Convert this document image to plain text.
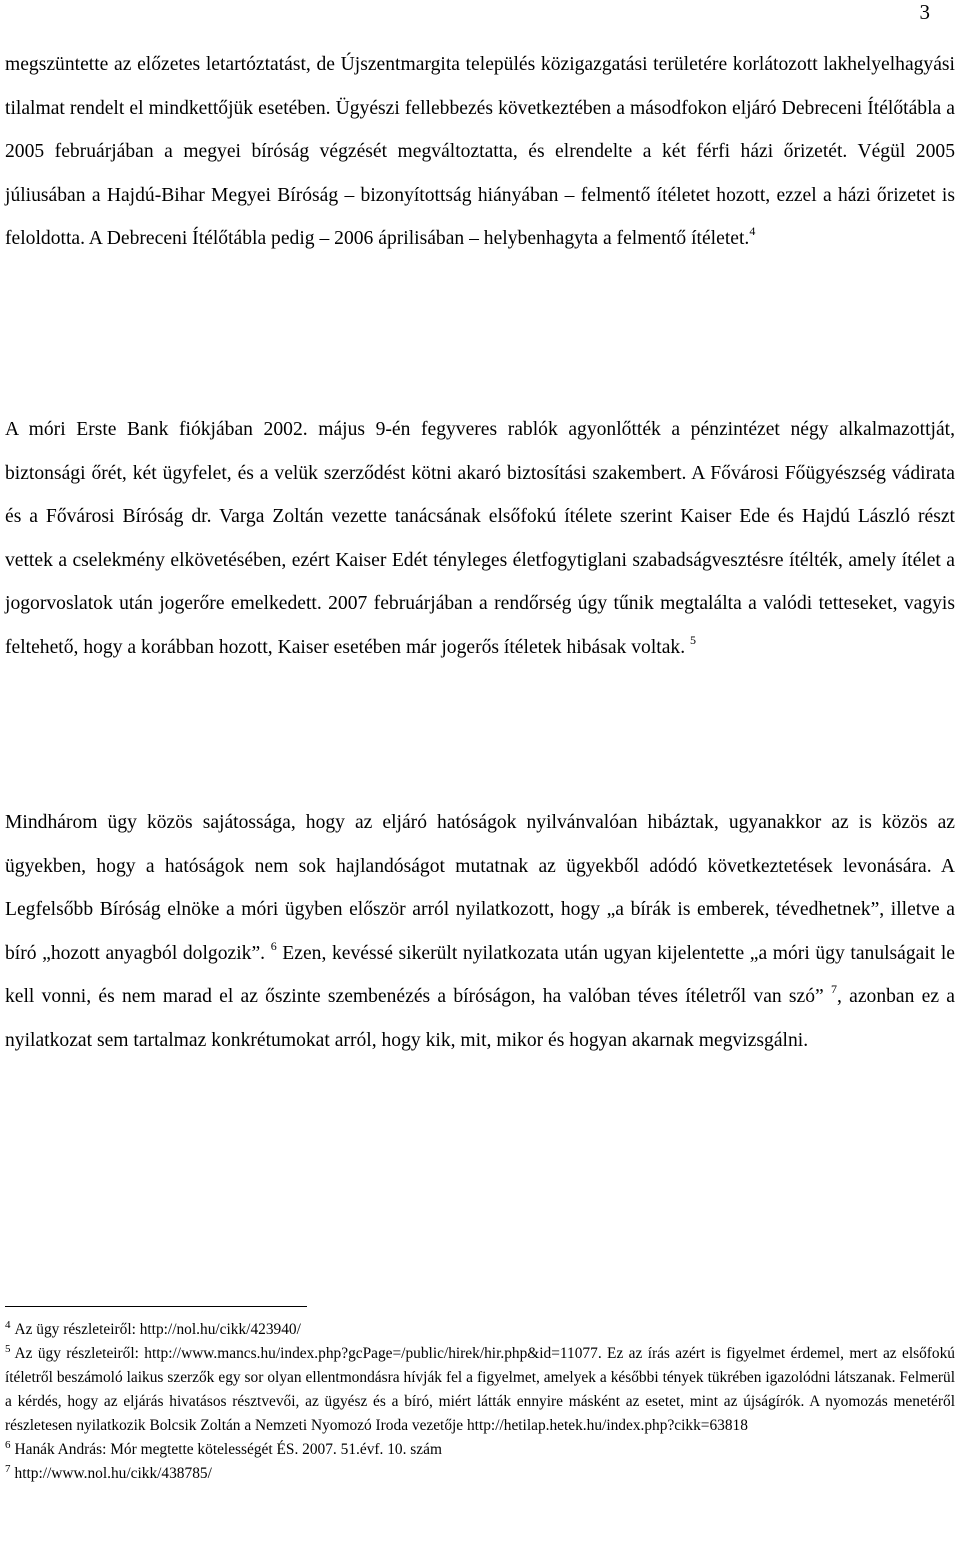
3

megszüntette az előzetes letartóztatást, de Újszentmargita település közigazgatási területére korlátozott lakhelyelhagyási tilalmat rendelt el mindkettőjük esetében. Ügyészi fellebbezés következtében a másodfokon eljáró Debreceni Ítélőtábla a 2005 februárjában a megyei bíróság végzését megváltoztatta, és elrendelte a két férfi házi őrizetét. Végül 2005 júliusában a Hajdú-Bihar Megyei Bíróság – bizonyítottság hiányában – felmentő ítéletet hozott, ezzel a házi őrizetet is feloldotta. A Debreceni Ítélőtábla pedig – 2006 áprilisában – helybenhagyta a felmentő ítéletet.$^4$

A móri Erste Bank fiókjában 2002. május 9-én fegyveres rablók agyonlőtték a pénzintézet négy alkalmazottját, biztonsági őrét, két ügyfelet, és a velük szerződést kötni akaró biztosítási szakembert. A Fővárosi Főügyészség vádirata és a Fővárosi Bíróság dr. Varga Zoltán vezette tanácsának elsőfokú ítélete szerint Kaiser Ede és Hajdú László részt vettek a cselekmény elkövetésében, ezért Kaiser Edét tényleges életfogytiglani szabadságvesztésre ítélték, amely ítélet a jogorvoslatok után jogerőre emelkedett. 2007 februárjában a rendőrség úgy tűnik megtalálta a valódi tetteseket, vagyis feltehető, hogy a korábban hozott, Kaiser esetében már jogerős ítéletek hibásak voltak. $^5$

Mindhárom ügy közös sajátossága, hogy az eljáró hatóságok nyilvánvalóan hibáztak, ugyanakkor az is közös az ügyekben, hogy a hatóságok nem sok hajlandóságot mutatnak az ügyekből adódó következtetések levonására. A Legfelsőbb Bíróság elnöke a móri ügyben először arról nyilatkozott, hogy „a bírák is emberek, tévedhetnek”, illetve a bíró „hozott anyagból dolgozik”. $^6$ Ezen, kevéssé sikerült nyilatkozata után ugyan kijelentette „a móri ügy tanulságait le kell vonni, és nem marad el az őszinte szembenézés a bíróságon, ha valóban téves ítéletről van szó” $^7$, azonban ez a nyilatkozat sem tartalmaz konkrétumokat arról, hogy kik, mit, mikor és hogyan akarnak megvizsgálni.

$^4$ Az ügy részleteiről: http://nol.hu/cikk/423940/

$^5$ Az ügy részleteiről: http://www.mancs.hu/index.php?gcPage=/public/hirek/hir.php&id=11077. Ez az írás azért is figyelmet érdemel, mert az elsőfokú ítéletről beszámoló laikus szerzők egy sor olyan ellentmondásra hívják fel a figyelmet, amelyek a későbbi tények tükrében igazolódni látszanak. Felmerül a kérdés, hogy az eljárás hivatásos résztvevői, az ügyész és a bíró, miért látták ennyire másként az esetet, mint az újságírók. A nyomozás menetéről részletesen nyilatkozik Bolcsik Zoltán a Nemzeti Nyomozó Iroda vezetője http://hetilap.hetek.hu/index.php?cikk=63818

$^6$ Hanák András: Mór megtette kötelességét ÉS. 2007. 51.évf. 10. szám

$^7$ http://www.nol.hu/cikk/438785/
